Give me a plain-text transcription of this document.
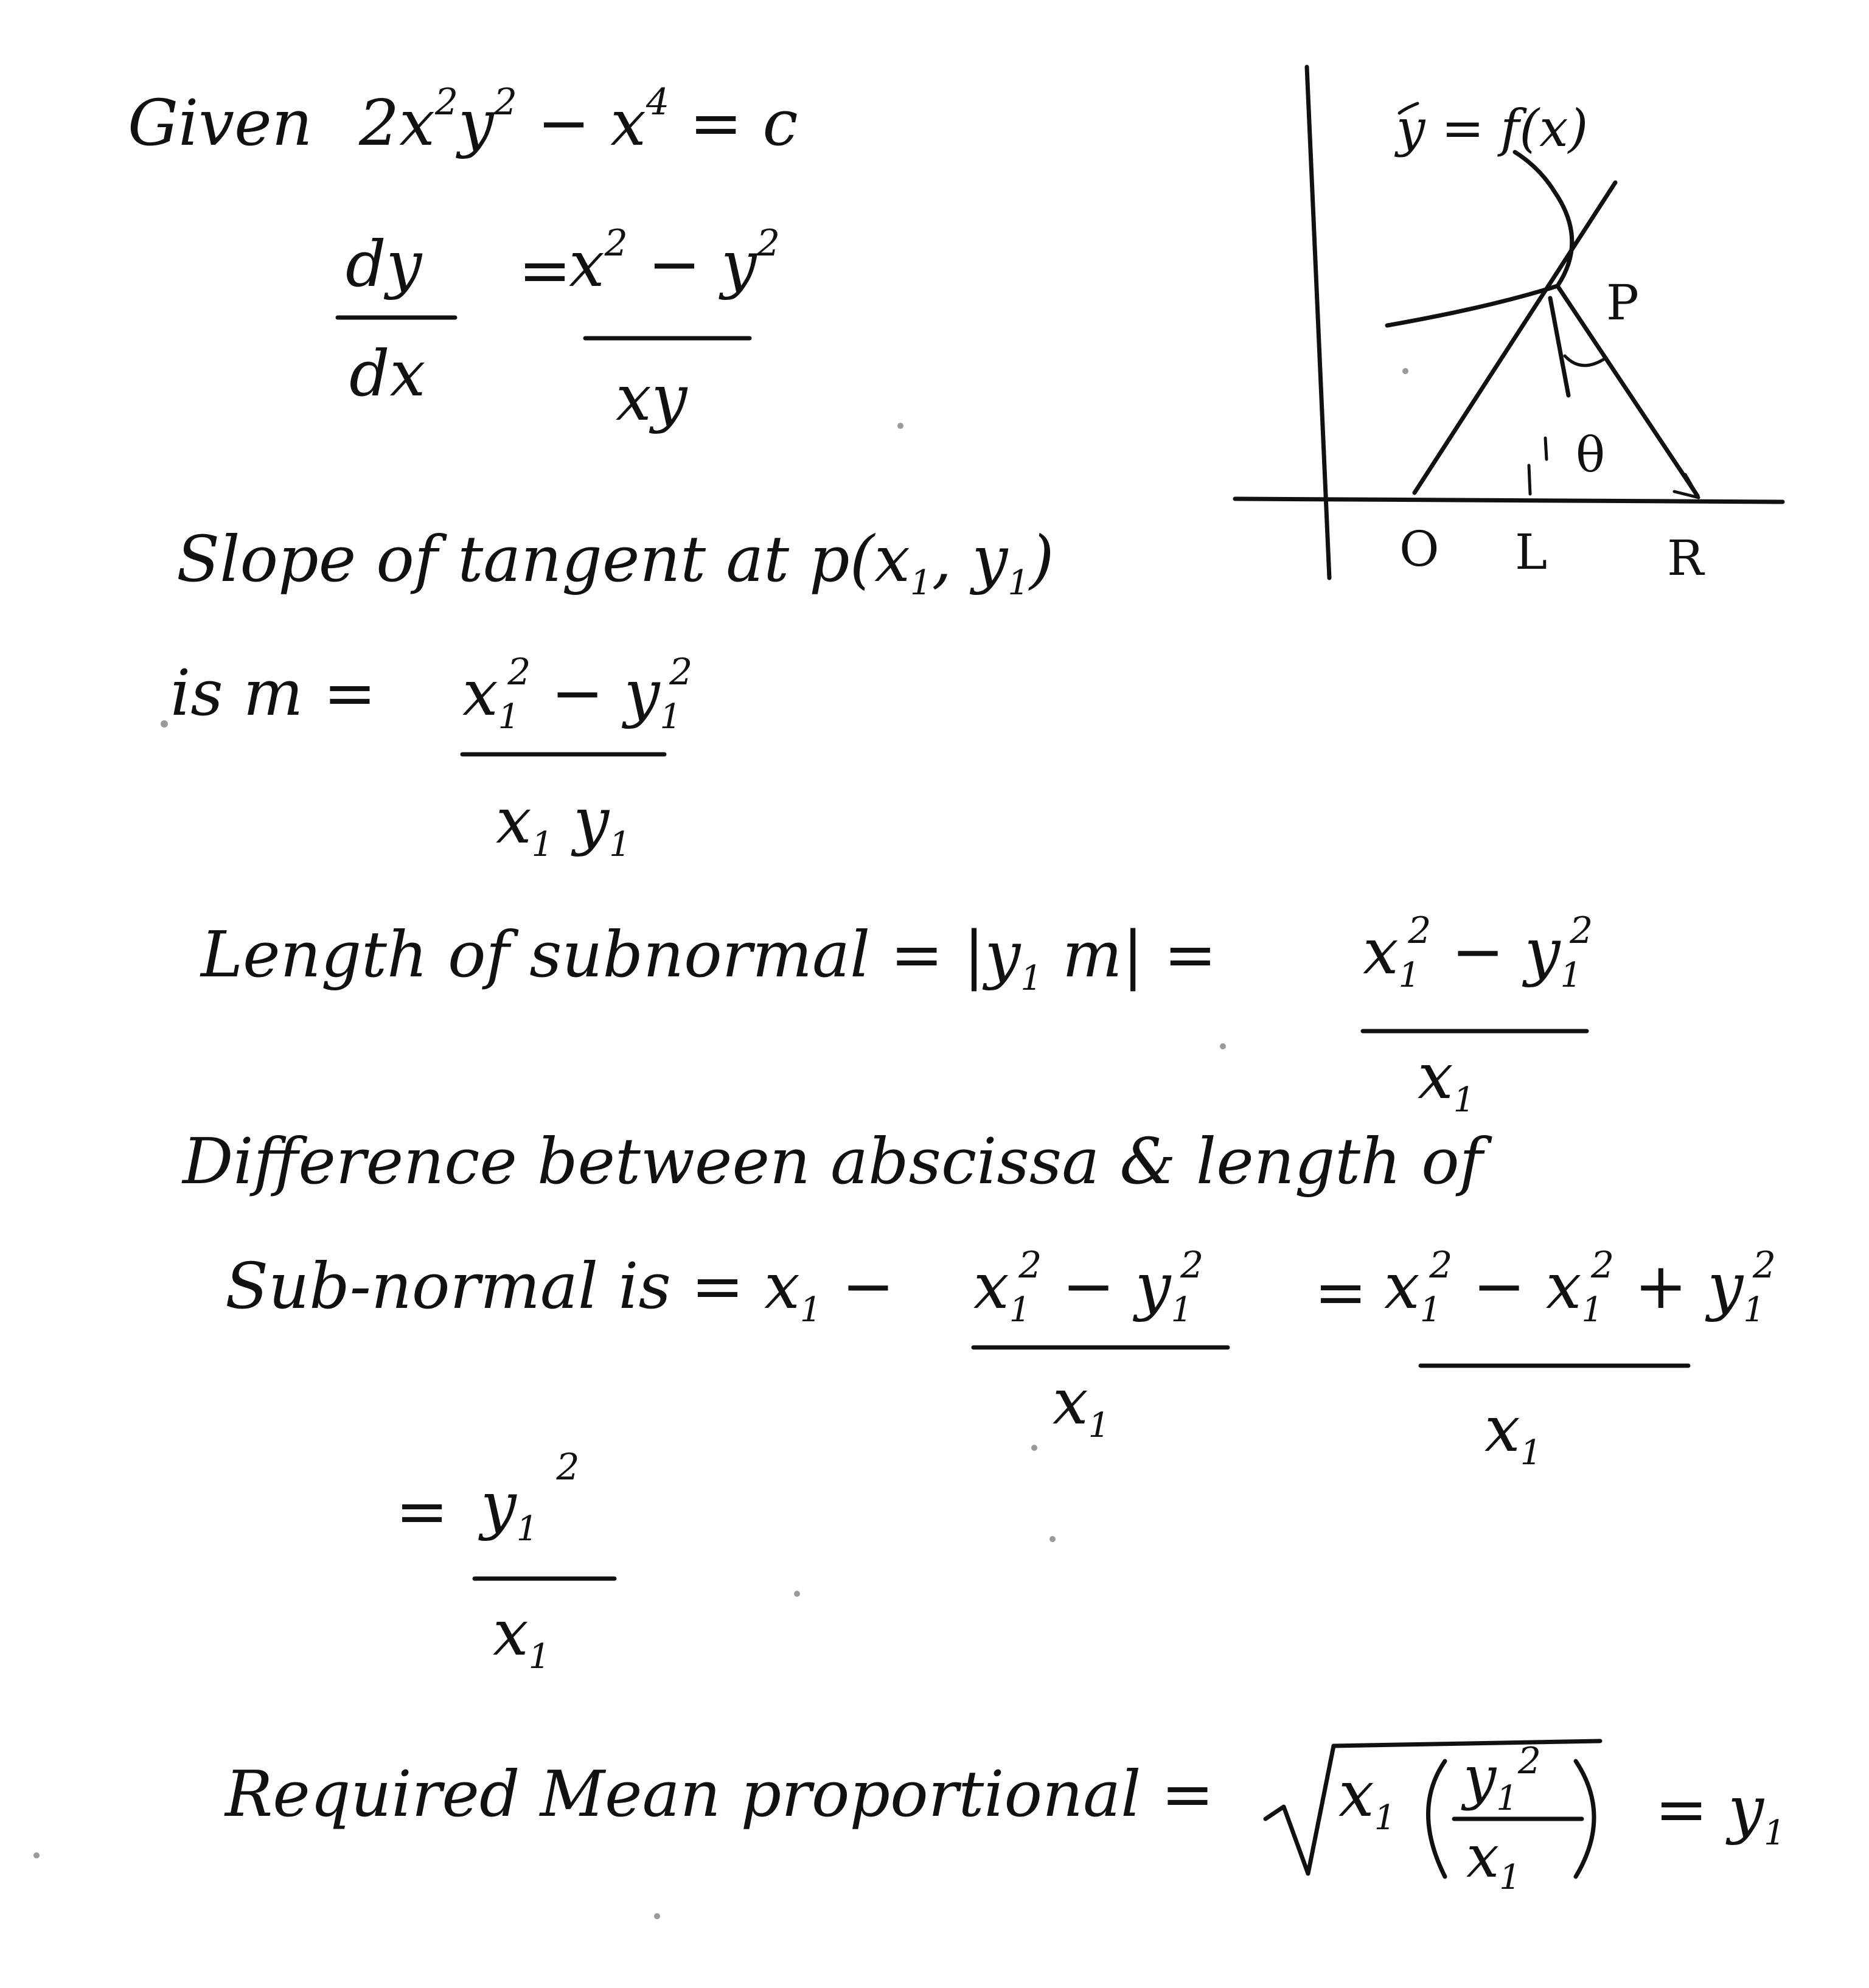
Given $2x^2y^2 - x^4 = c$
dy
dx
=
$x^2 - y^2$
xy
Slope of tangent at $p(x_1$, $y_1$)
is $m = x_12 - y_12$
$x_1$ $y_1$
Length of subnormal = $|y_1$ $m| = x_12 - y_12$
$x_1$
Difference between abscissa & length of
Sub-normal is = $x_1 - x_12 - y_12$
$x_1$
= $x_12 - x_12 + y_12$
$x_1$
= $y_1^2$
$x_1$
Required Mean proportional = $x_1$
$y_1^2$
$x_1$
= $y_1$
y = f(x)
P
θ
O L R
